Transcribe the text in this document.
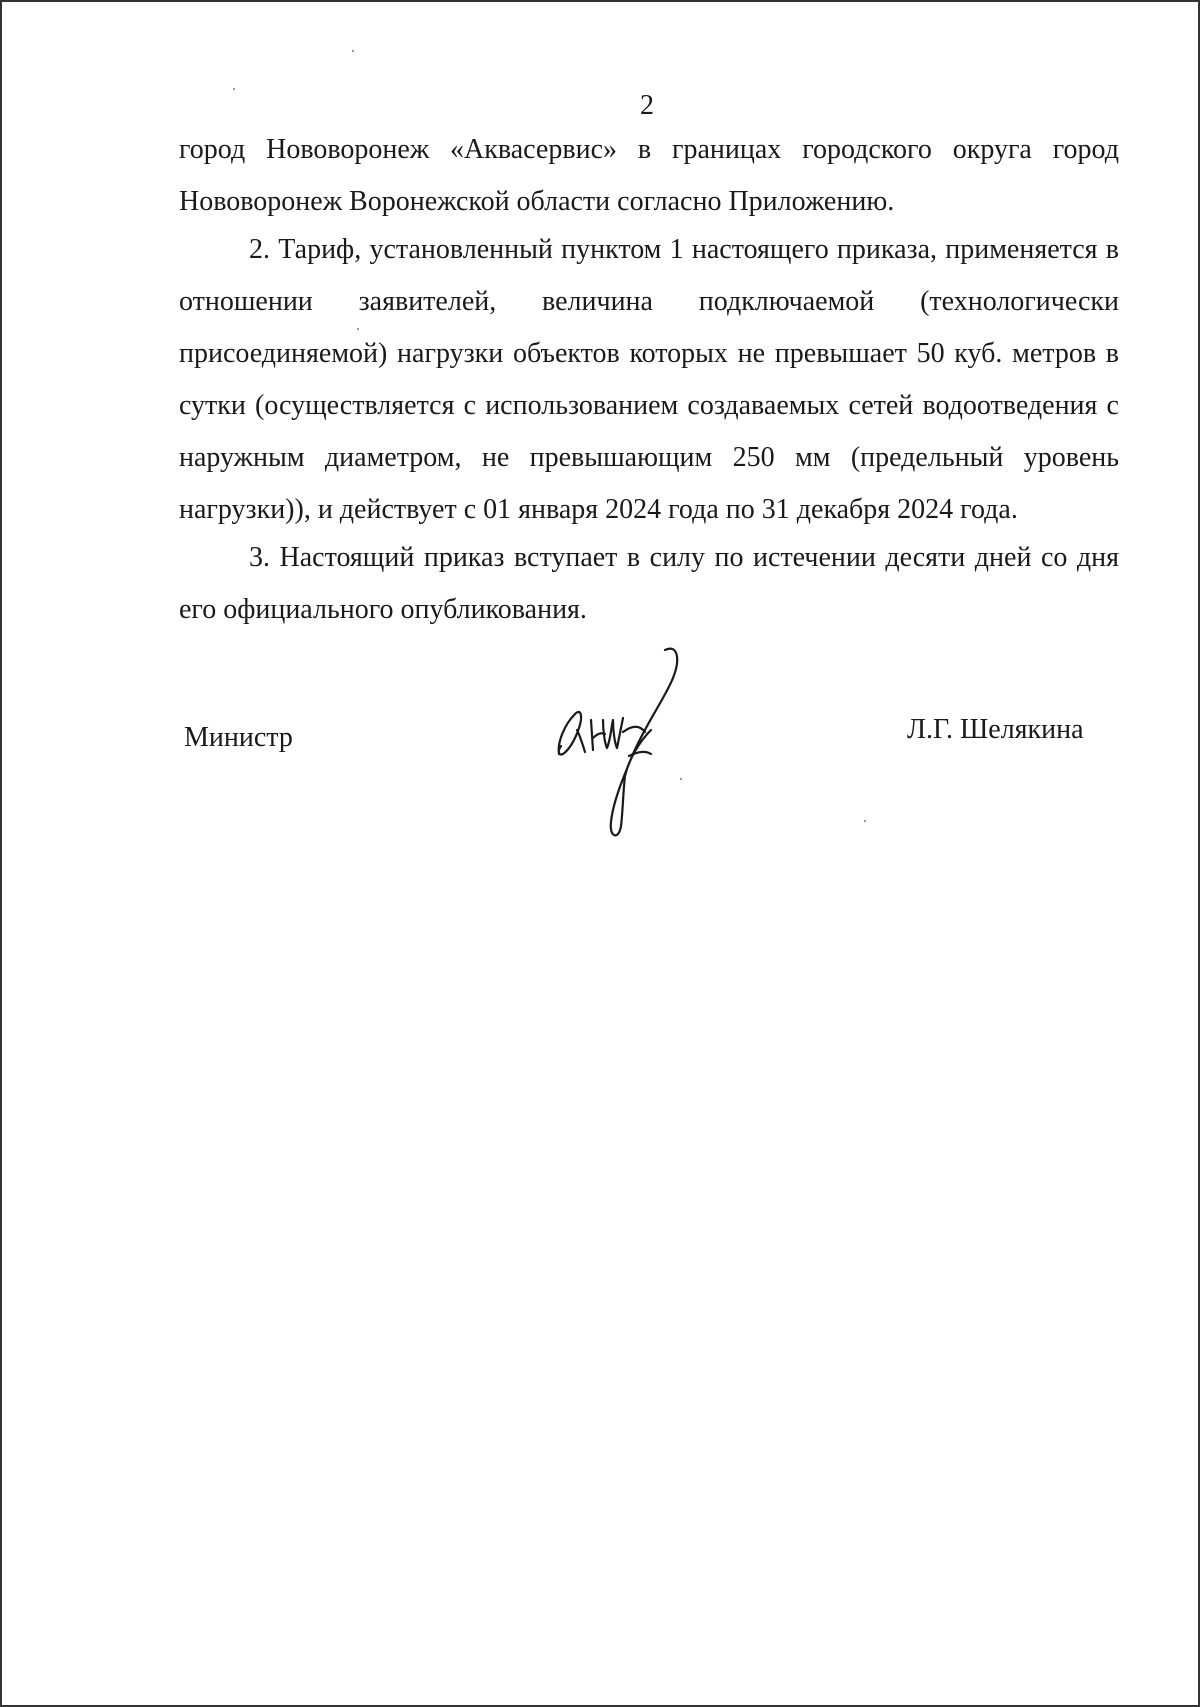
2

город Нововоронеж «Аквасервис» в границах городского округа город Нововоронеж Воронежской области согласно Приложению.

2. Тариф, установленный пунктом 1 настоящего приказа, применяется в отношении заявителей, величина подключаемой (технологически присоединяемой) нагрузки объектов которых не превышает 50 куб. метров в сутки (осуществляется с использованием создаваемых сетей водоотведения с наружным диаметром, не превышающим 250 мм (предельный уровень нагрузки)), и действует с 01 января 2024 года по 31 декабря 2024 года.

3. Настоящий приказ вступает в силу по истечении десяти дней со дня его официального опубликования.

Министр	Л.Г. Шелякина
